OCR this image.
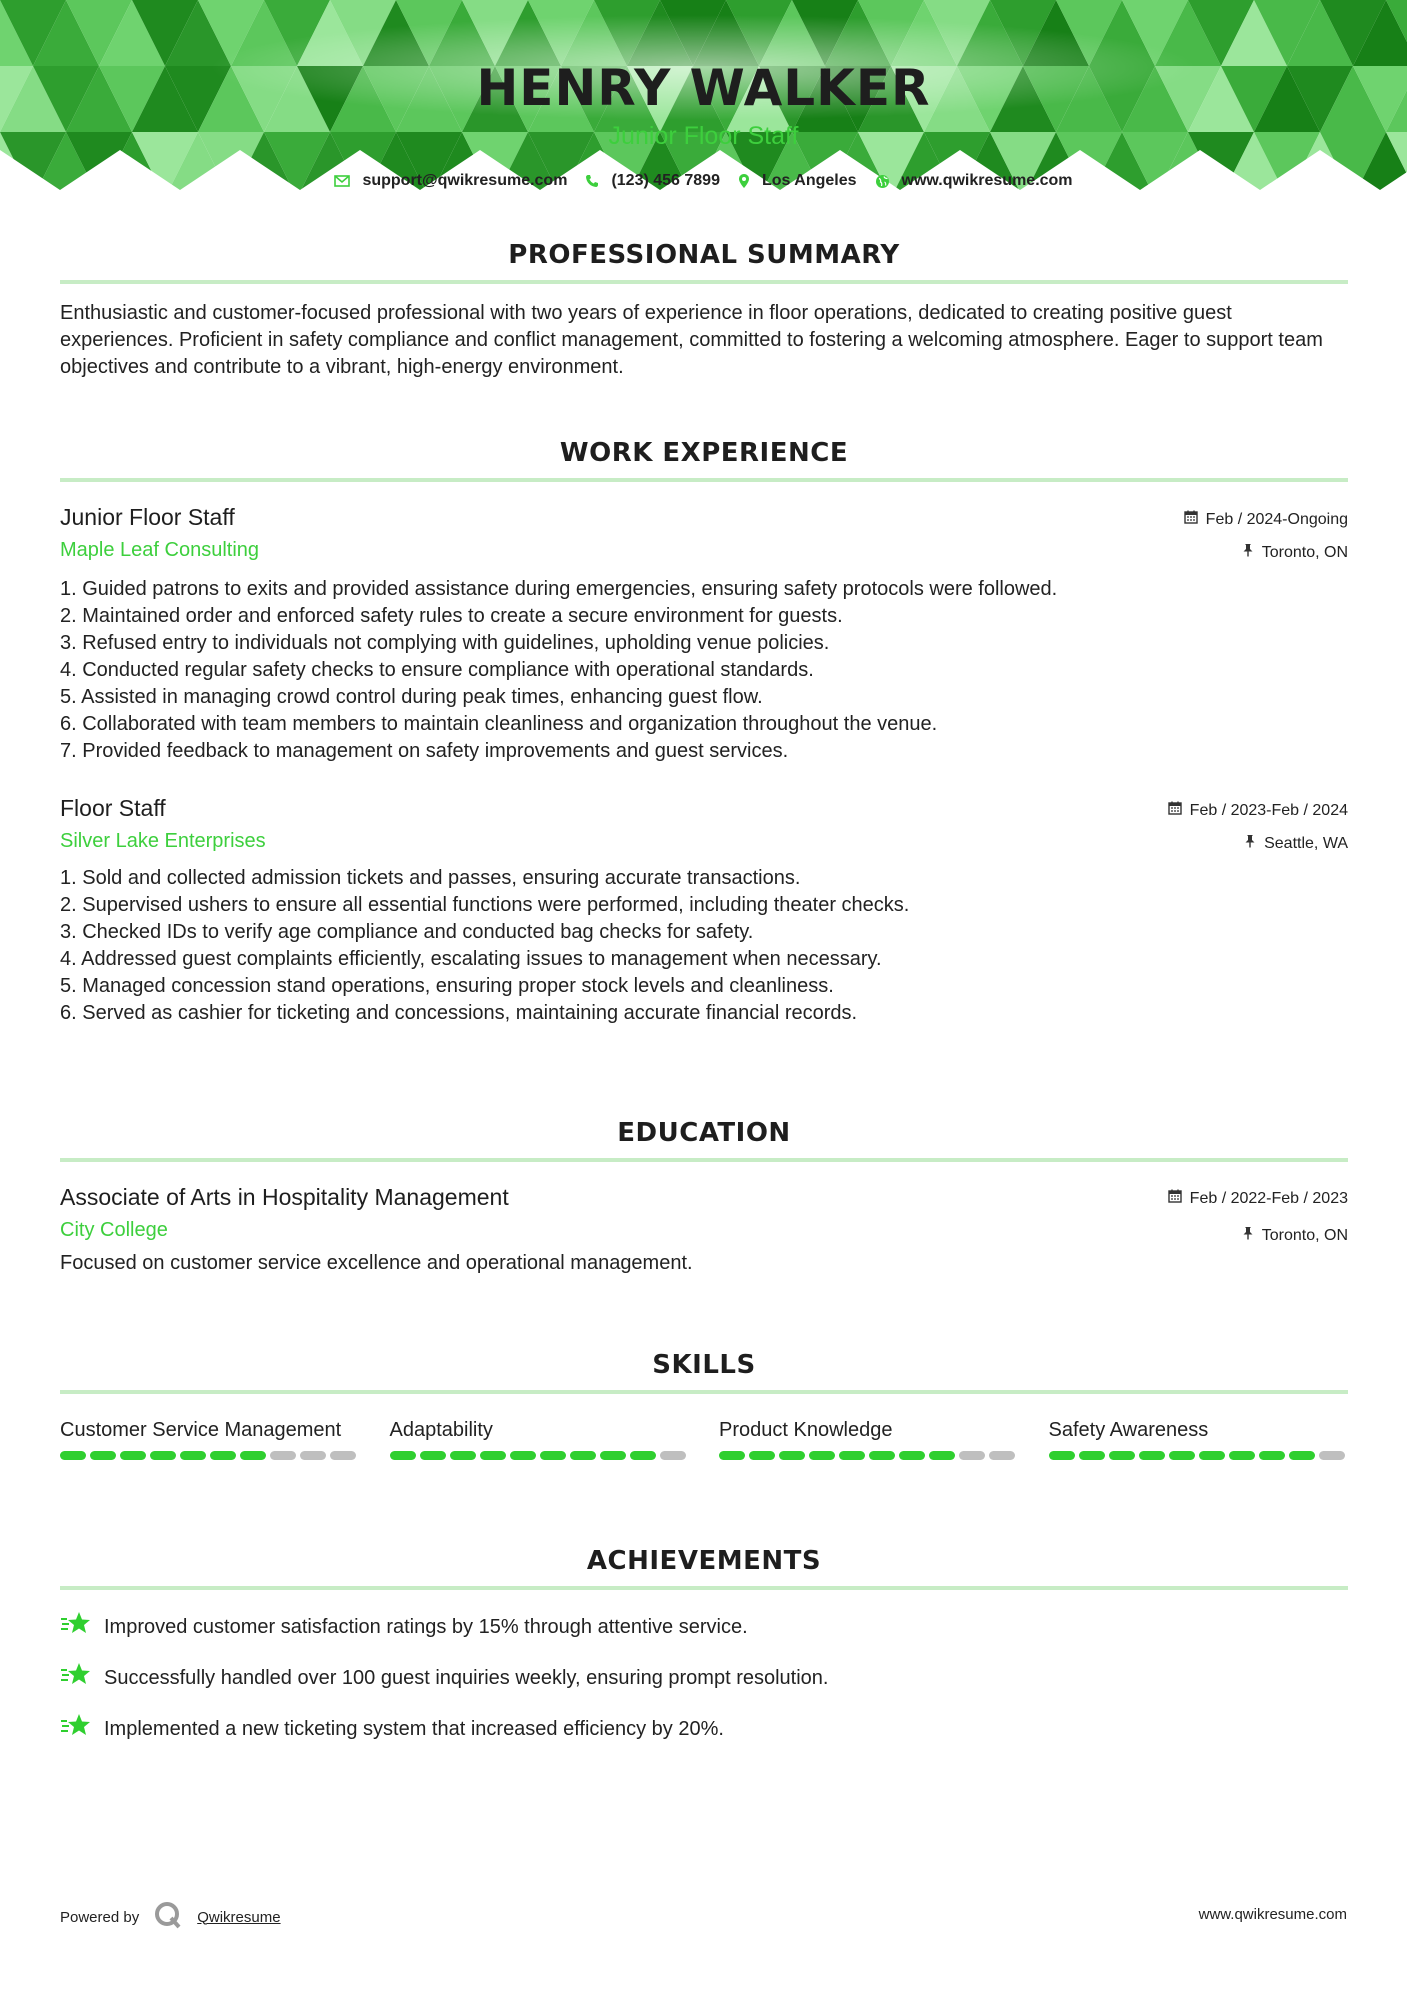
HENRY WALKER
Junior Floor Staff
support@qwikresume.com	(123) 456 7899	Los Angeles	www.qwikresume.com
PROFESSIONAL SUMMARY
Enthusiastic and customer-focused professional with two years of experience in floor operations, dedicated to creating positive guest experiences. Proficient in safety compliance and conflict management, committed to fostering a welcoming atmosphere. Eager to support team objectives and contribute to a vibrant, high-energy environment.
WORK EXPERIENCE
Junior Floor Staff
Maple Leaf Consulting
Feb / 2024-Ongoing
Toronto, ON
1. Guided patrons to exits and provided assistance during emergencies, ensuring safety protocols were followed.
2. Maintained order and enforced safety rules to create a secure environment for guests.
3. Refused entry to individuals not complying with guidelines, upholding venue policies.
4. Conducted regular safety checks to ensure compliance with operational standards.
5. Assisted in managing crowd control during peak times, enhancing guest flow.
6. Collaborated with team members to maintain cleanliness and organization throughout the venue.
7. Provided feedback to management on safety improvements and guest services.
Floor Staff
Silver Lake Enterprises
Feb / 2023-Feb / 2024
Seattle, WA
1. Sold and collected admission tickets and passes, ensuring accurate transactions.
2. Supervised ushers to ensure all essential functions were performed, including theater checks.
3. Checked IDs to verify age compliance and conducted bag checks for safety.
4. Addressed guest complaints efficiently, escalating issues to management when necessary.
5. Managed concession stand operations, ensuring proper stock levels and cleanliness.
6. Served as cashier for ticketing and concessions, maintaining accurate financial records.
EDUCATION
Associate of Arts in Hospitality Management
City College
Feb / 2022-Feb / 2023
Toronto, ON
Focused on customer service excellence and operational management.
SKILLS
Customer Service Management	Adaptability	Product Knowledge	Safety Awareness
ACHIEVEMENTS
Improved customer satisfaction ratings by 15% through attentive service.
Successfully handled over 100 guest inquiries weekly, ensuring prompt resolution.
Implemented a new ticketing system that increased efficiency by 20%.
Powered by	Qwikresume	www.qwikresume.com
